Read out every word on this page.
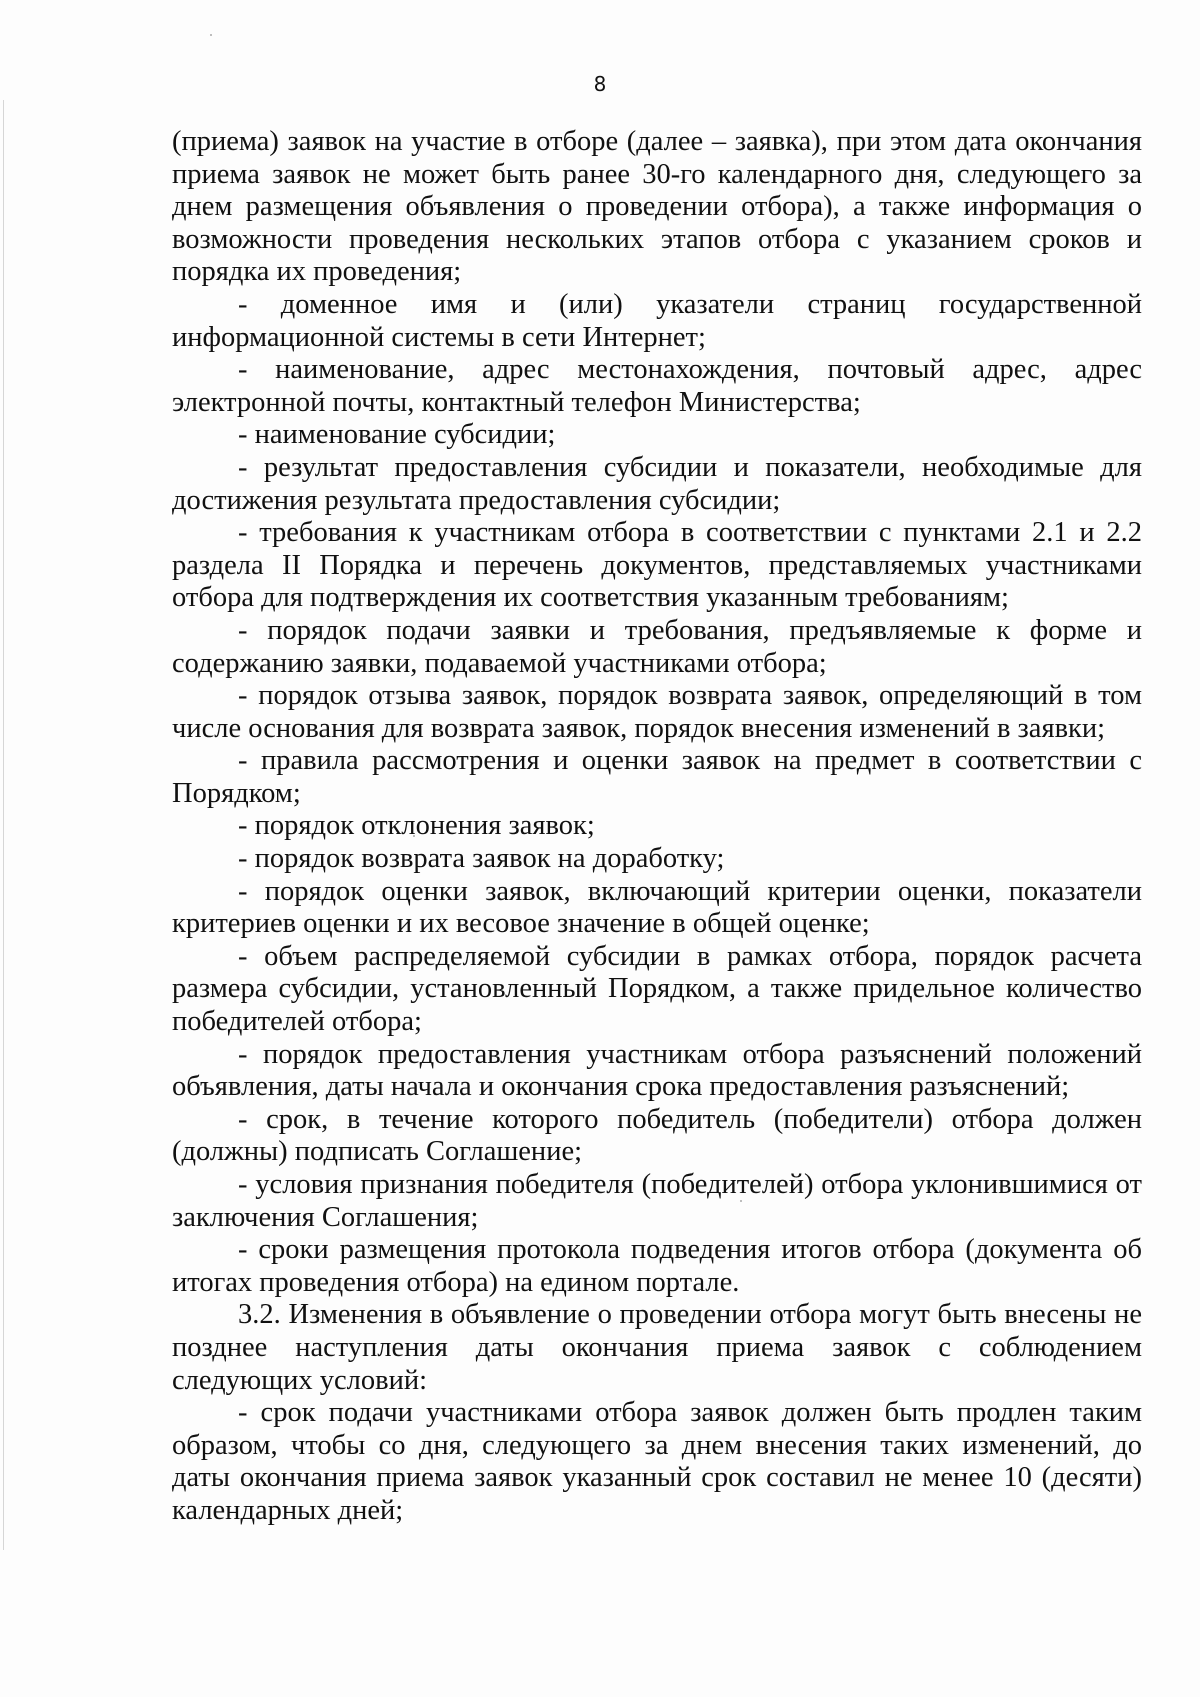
8

(приема) заявок на участие в отборе (далее – заявка), при этом дата окончания приема заявок не может быть ранее 30-го календарного дня, следующего за днем размещения объявления о проведении отбора), а также информация о возможности проведения нескольких этапов отбора с указанием сроков и порядка их проведения;

- доменное имя и (или) указатели страниц государственной информационной системы в сети Интернет;

- наименование, адрес местонахождения, почтовый адрес, адрес электронной почты, контактный телефон Министерства;

- наименование субсидии;

- результат предоставления субсидии и показатели, необходимые для достижения результата предоставления субсидии;

- требования к участникам отбора в соответствии с пунктами 2.1 и 2.2 раздела II Порядка и перечень документов, представляемых участниками отбора для подтверждения их соответствия указанным требованиям;

- порядок подачи заявки и требования, предъявляемые к форме и содержанию заявки, подаваемой участниками отбора;

- порядок отзыва заявок, порядок возврата заявок, определяющий в том числе основания для возврата заявок, порядок внесения изменений в заявки;

- правила рассмотрения и оценки заявок на предмет в соответствии с Порядком;

- порядок отклонения заявок;

- порядок возврата заявок на доработку;

- порядок оценки заявок, включающий критерии оценки, показатели критериев оценки и их весовое значение в общей оценке;

- объем распределяемой субсидии в рамках отбора, порядок расчета размера субсидии, установленный Порядком, а также придельное количество победителей отбора;

- порядок предоставления участникам отбора разъяснений положений объявления, даты начала и окончания срока предоставления разъяснений;

- срок, в течение которого победитель (победители) отбора должен (должны) подписать Соглашение;

- условия признания победителя (победителей) отбора уклонившимися от заключения Соглашения;

- сроки размещения протокола подведения итогов отбора (документа об итогах проведения отбора) на едином портале.

3.2. Изменения в объявление о проведении отбора могут быть внесены не позднее наступления даты окончания приема заявок с соблюдением следующих условий:

- срок подачи участниками отбора заявок должен быть продлен таким образом, чтобы со дня, следующего за днем внесения таких изменений, до даты окончания приема заявок указанный срок составил не менее 10 (десяти) календарных дней;
